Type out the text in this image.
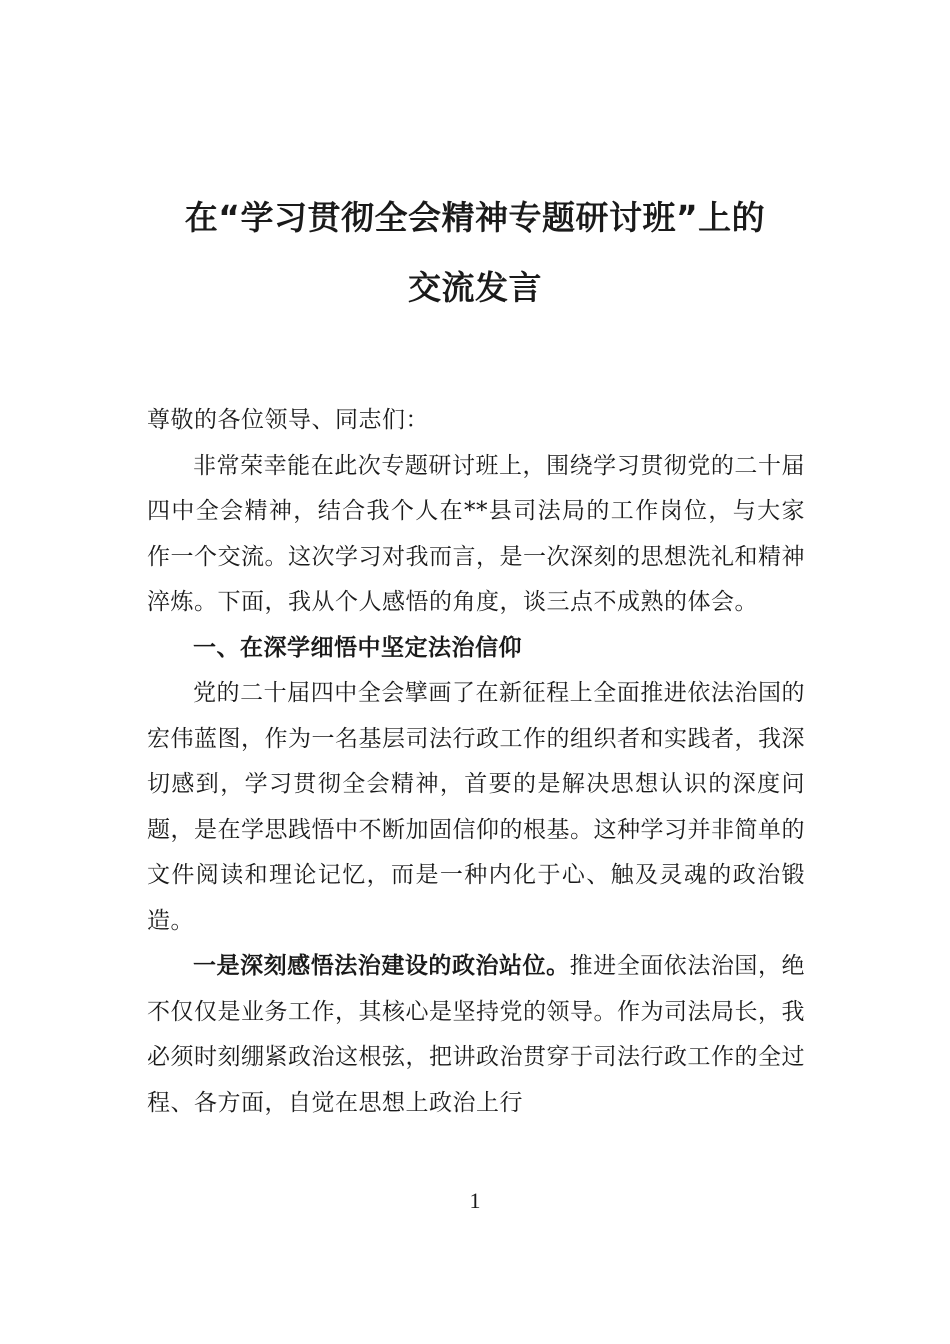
在“学习贯彻全会精神专题研讨班”上的
交流发言

尊敬的各位领导、同志们：

非常荣幸能在此次专题研讨班上，围绕学习贯彻党的二十届四中全会精神，结合我个人在**县司法局的工作岗位，与大家作一个交流。这次学习对我而言，是一次深刻的思想洗礼和精神淬炼。下面，我从个人感悟的角度，谈三点不成熟的体会。

一、在深学细悟中坚定法治信仰

党的二十届四中全会擘画了在新征程上全面推进依法治国的宏伟蓝图，作为一名基层司法行政工作的组织者和实践者，我深切感到，学习贯彻全会精神，首要的是解决思想认识的深度问题，是在学思践悟中不断加固信仰的根基。这种学习并非简单的文件阅读和理论记忆，而是一种内化于心、触及灵魂的政治锻造。

一是深刻感悟法治建设的政治站位。推进全面依法治国，绝不仅仅是业务工作，其核心是坚持党的领导。作为司法局长，我必须时刻绷紧政治这根弦，把讲政治贯穿于司法行政工作的全过程、各方面，自觉在思想上政治上行

1
